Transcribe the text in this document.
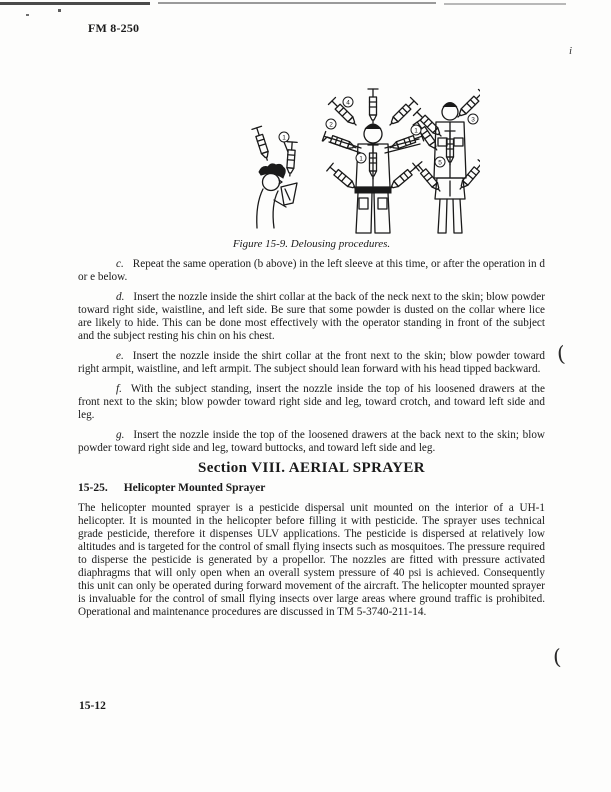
FM 8-250
i
1
4
2
1
1
3
5
Figure 15-9. Delousing procedures.

c. Repeat the same operation (b above) in the left sleeve at this time, or after the operation in d or e below.

d. Insert the nozzle inside the shirt collar at the back of the neck next to the skin; blow powder toward right side, waistline, and left side. Be sure that some powder is dusted on the collar where lice are likely to hide. This can be done most effectively with the operator standing in front of the subject and the subject resting his chin on his chest.

e. Insert the nozzle inside the shirt collar at the front next to the skin; blow powder toward right armpit, waistline, and left armpit. The subject should lean forward with his head tipped backward.

f. With the subject standing, insert the nozzle inside the top of his loosened drawers at the front next to the skin; blow powder toward right side and leg, toward crotch, and toward left side and leg.

g. Insert the nozzle inside the top of the loosened drawers at the back next to the skin; blow powder toward right side and leg, toward buttocks, and toward left side and leg.

Section VIII. AERIAL SPRAYER

15-25. Helicopter Mounted Sprayer

The helicopter mounted sprayer is a pesticide dispersal unit mounted on the interior of a UH-1 helicopter. It is mounted in the helicopter before filling it with pesticide. The sprayer uses technical grade pesticide, therefore it dispenses ULV applications. The pesticide is dispersed at relatively low altitudes and is targeted for the control of small flying insects such as mosquitoes. The pressure required to disperse the pesticide is generated by a propellor. The nozzles are fitted with pressure activated diaphragms that will only open when an overall system pressure of 40 psi is achieved. Consequently this unit can only be operated during forward movement of the aircraft. The helicopter mounted sprayer is invaluable for the control of small flying insects over large areas where ground traffic is prohibited. Operational and maintenance procedures are discussed in TM 5-3740-211-14.

15-12
(
(
